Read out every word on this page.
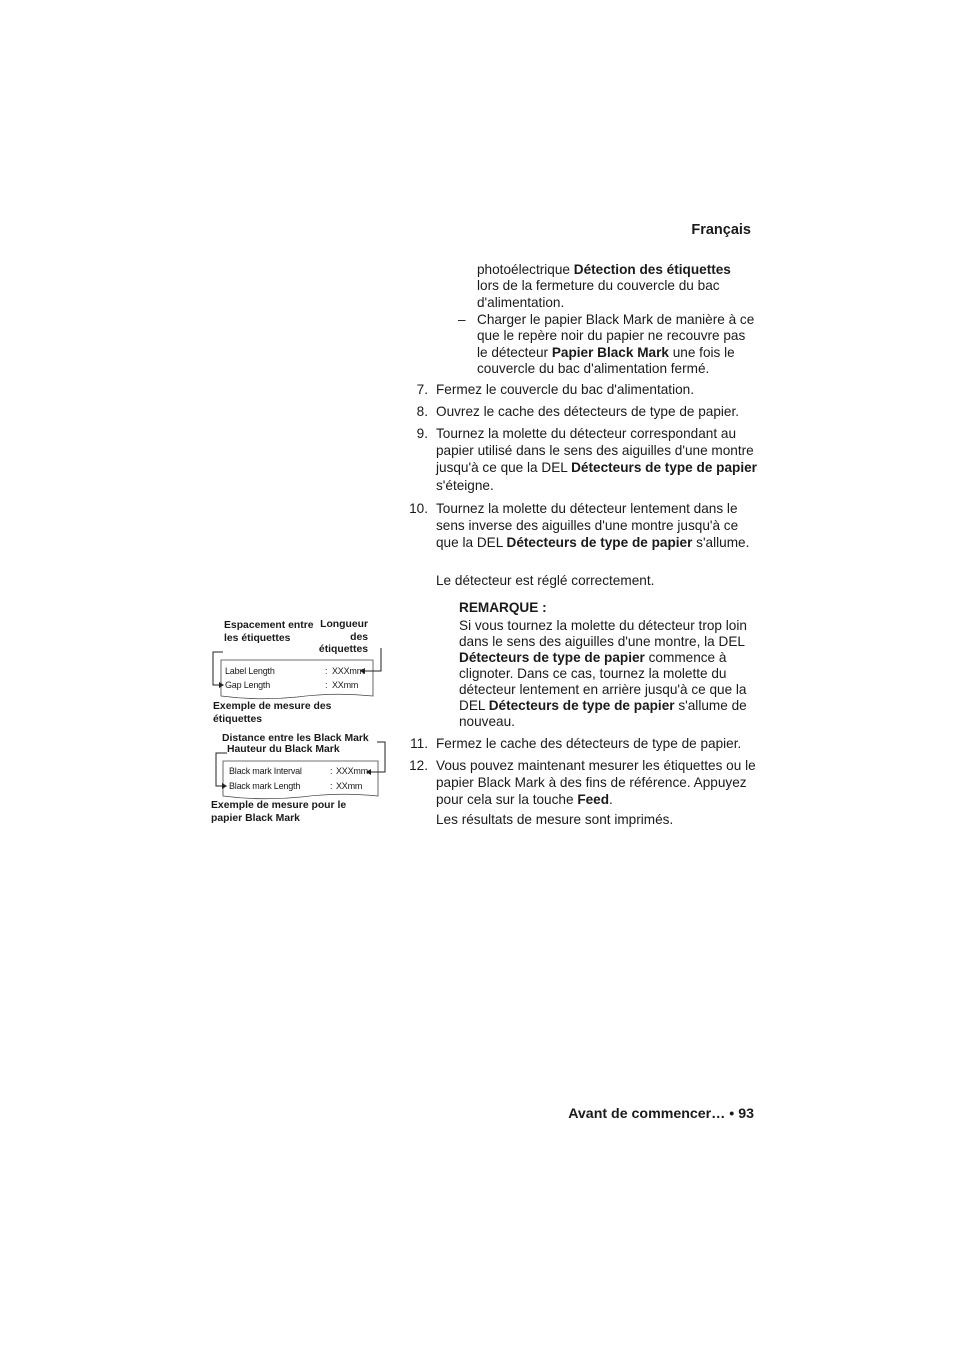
Français
photoélectrique Détection des étiquettes
lors de la fermeture du couvercle du bac d'alimentation.
– Charger le papier Black Mark de manière à ce que le repère noir du papier ne recouvre pas le détecteur Papier Black Mark une fois le couvercle du bac d'alimentation fermé.
7. Fermez le couvercle du bac d'alimentation.
8. Ouvrez le cache des détecteurs de type de papier.
9. Tournez la molette du détecteur correspondant au papier utilisé dans le sens des aiguilles d'une montre jusqu'à ce que la DEL Détecteurs de type de papier s'éteigne.
10. Tournez la molette du détecteur lentement dans le sens inverse des aiguilles d'une montre jusqu'à ce que la DEL Détecteurs de type de papier s'allume.
Le détecteur est réglé correctement.
REMARQUE :
Si vous tournez la molette du détecteur trop loin dans le sens des aiguilles d'une montre, la DEL Détecteurs de type de papier commence à clignoter. Dans ce cas, tournez la molette du détecteur lentement en arrière jusqu'à ce que la DEL Détecteurs de type de papier s'allume de nouveau.
11. Fermez le cache des détecteurs de type de papier.
12. Vous pouvez maintenant mesurer les étiquettes ou le papier Black Mark à des fins de référence. Appuyez pour cela sur la touche Feed.
Les résultats de mesure sont imprimés.
Espacement entre les étiquettes
Longueur
des
étiquettes
Label Length	: XXXmm
Gap Length	: XXmm
Exemple de mesure des étiquettes
Distance entre les Black Mark
Hauteur du Black Mark
Black mark Interval	: XXXmm
Black mark Length	: XXmm
Exemple de mesure pour le papier Black Mark
Avant de commencer… • 93
